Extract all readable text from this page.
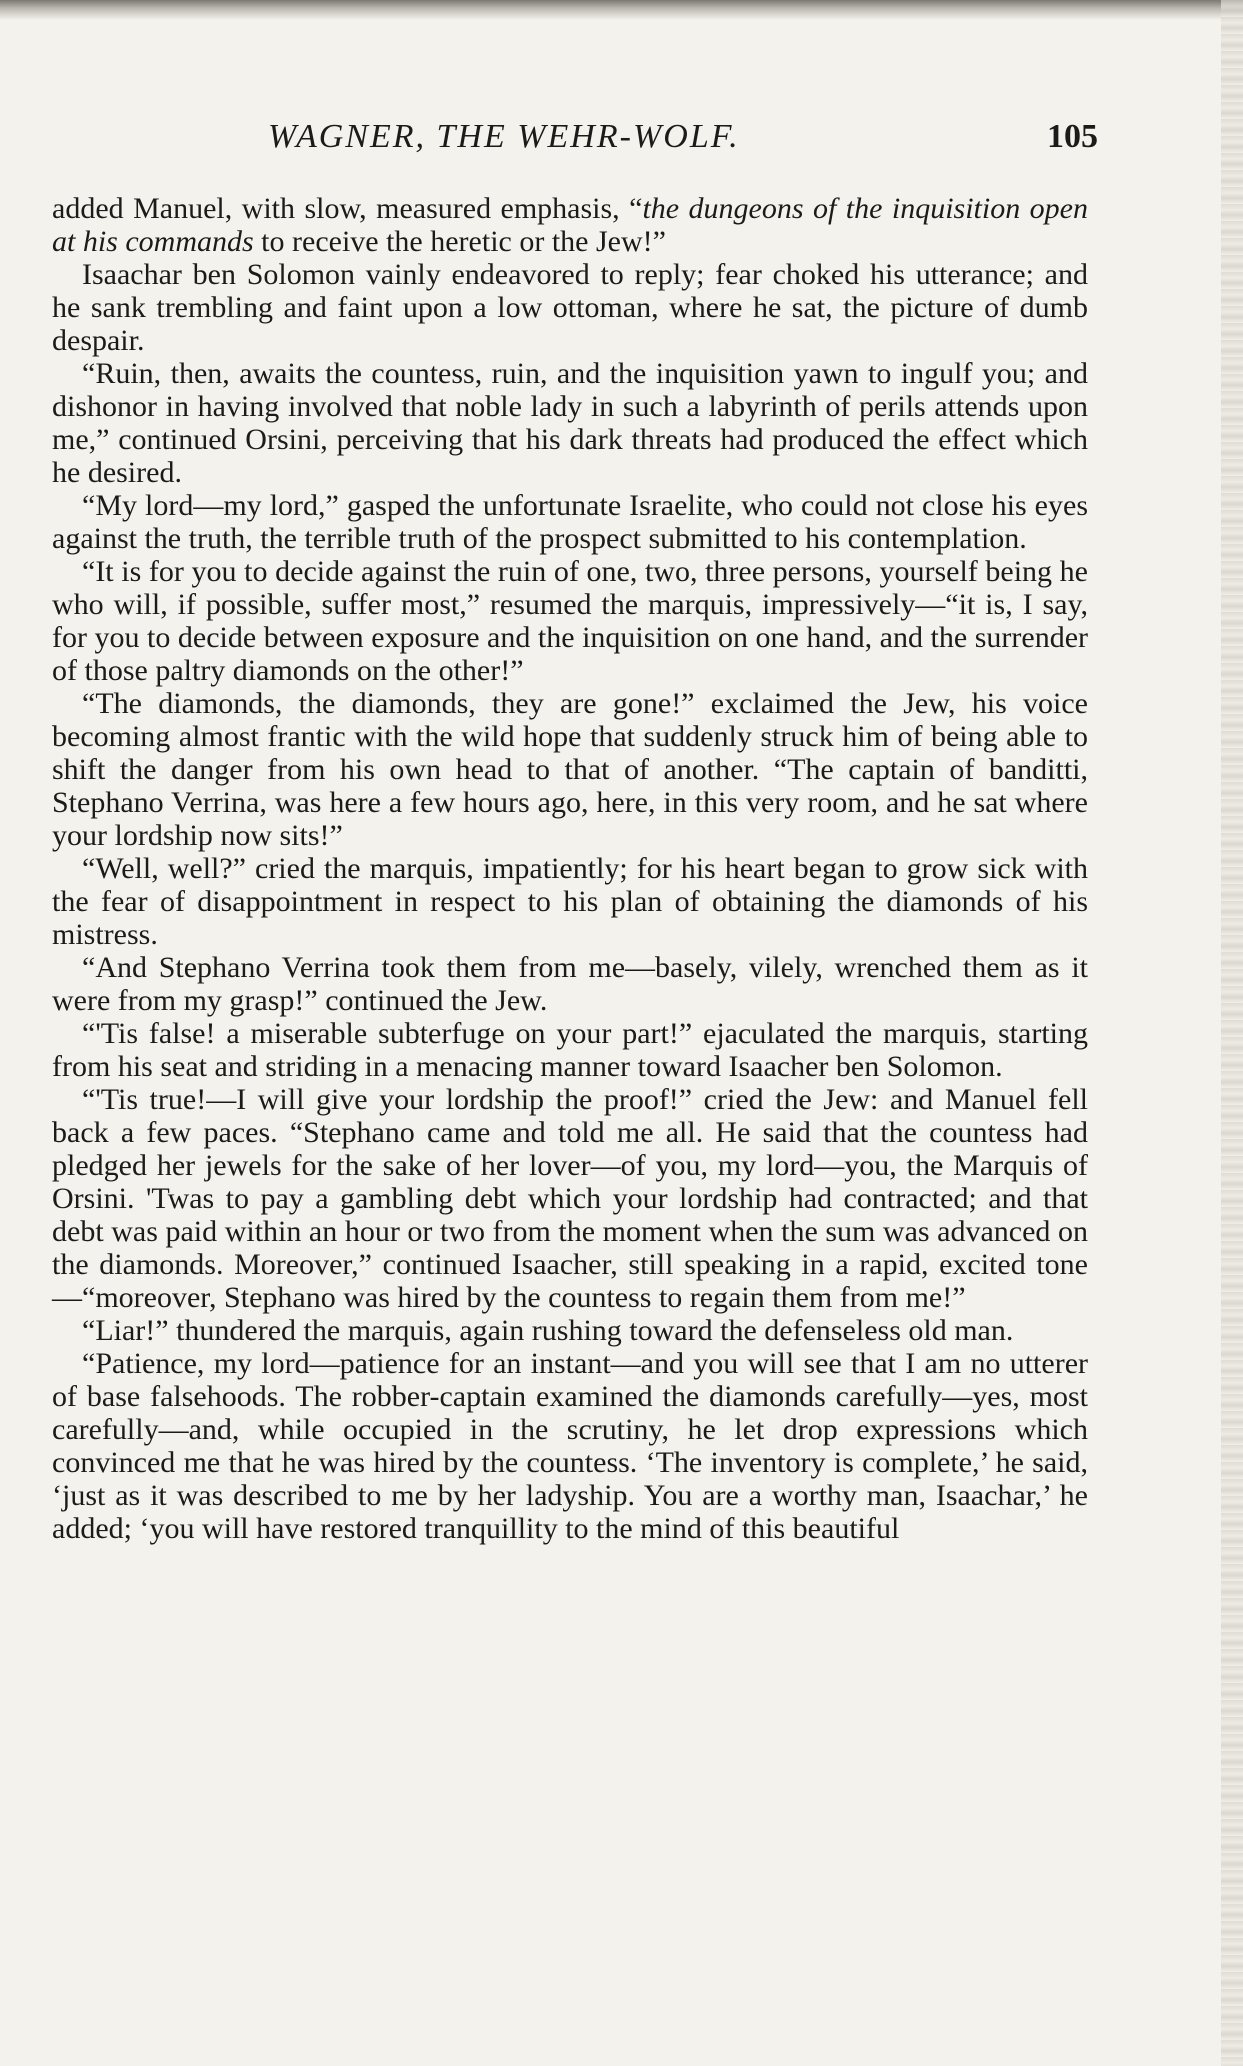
WAGNER, THE WEHR-WOLF.	105

added Manuel, with slow, measured emphasis, “the dungeons of the inquisition open at his commands to receive the heretic or the Jew!”

Isaachar ben Solomon vainly endeavored to reply; fear choked his utterance; and he sank trembling and faint upon a low ottoman, where he sat, the picture of dumb despair.

“Ruin, then, awaits the countess, ruin, and the inquisition yawn to ingulf you; and dishonor in having involved that noble lady in such a labyrinth of perils attends upon me,” continued Orsini, perceiving that his dark threats had produced the effect which he desired.

“My lord—my lord,” gasped the unfortunate Israelite, who could not close his eyes against the truth, the terrible truth of the prospect submitted to his contemplation.

“It is for you to decide against the ruin of one, two, three persons, yourself being he who will, if possible, suffer most,” resumed the marquis, impressively—“it is, I say, for you to decide between exposure and the inquisition on one hand, and the surrender of those paltry diamonds on the other!”

“The diamonds, the diamonds, they are gone!” exclaimed the Jew, his voice becoming almost frantic with the wild hope that suddenly struck him of being able to shift the danger from his own head to that of another. “The captain of banditti, Stephano Verrina, was here a few hours ago, here, in this very room, and he sat where your lordship now sits!”

“Well, well?” cried the marquis, impatiently; for his heart began to grow sick with the fear of disappointment in respect to his plan of obtaining the diamonds of his mistress.

“And Stephano Verrina took them from me—basely, vilely, wrenched them as it were from my grasp!” continued the Jew.

“'Tis false! a miserable subterfuge on your part!” ejaculated the marquis, starting from his seat and striding in a menacing manner toward Isaacher ben Solomon.

“'Tis true!—I will give your lordship the proof!” cried the Jew: and Manuel fell back a few paces. “Stephano came and told me all. He said that the countess had pledged her jewels for the sake of her lover—of you, my lord—you, the Marquis of Orsini. 'Twas to pay a gambling debt which your lordship had contracted; and that debt was paid within an hour or two from the moment when the sum was advanced on the diamonds. Moreover,” continued Isaacher, still speaking in a rapid, excited tone—“moreover, Stephano was hired by the countess to regain them from me!”

“Liar!” thundered the marquis, again rushing toward the defenseless old man.

“Patience, my lord—patience for an instant—and you will see that I am no utterer of base falsehoods. The robber-captain examined the diamonds carefully—yes, most carefully—and, while occupied in the scrutiny, he let drop expressions which convinced me that he was hired by the countess. ‘The inventory is complete,’ he said, ‘just as it was described to me by her ladyship. You are a worthy man, Isaachar,’ he added; ‘you will have restored tranquillity to the mind of this beautiful
